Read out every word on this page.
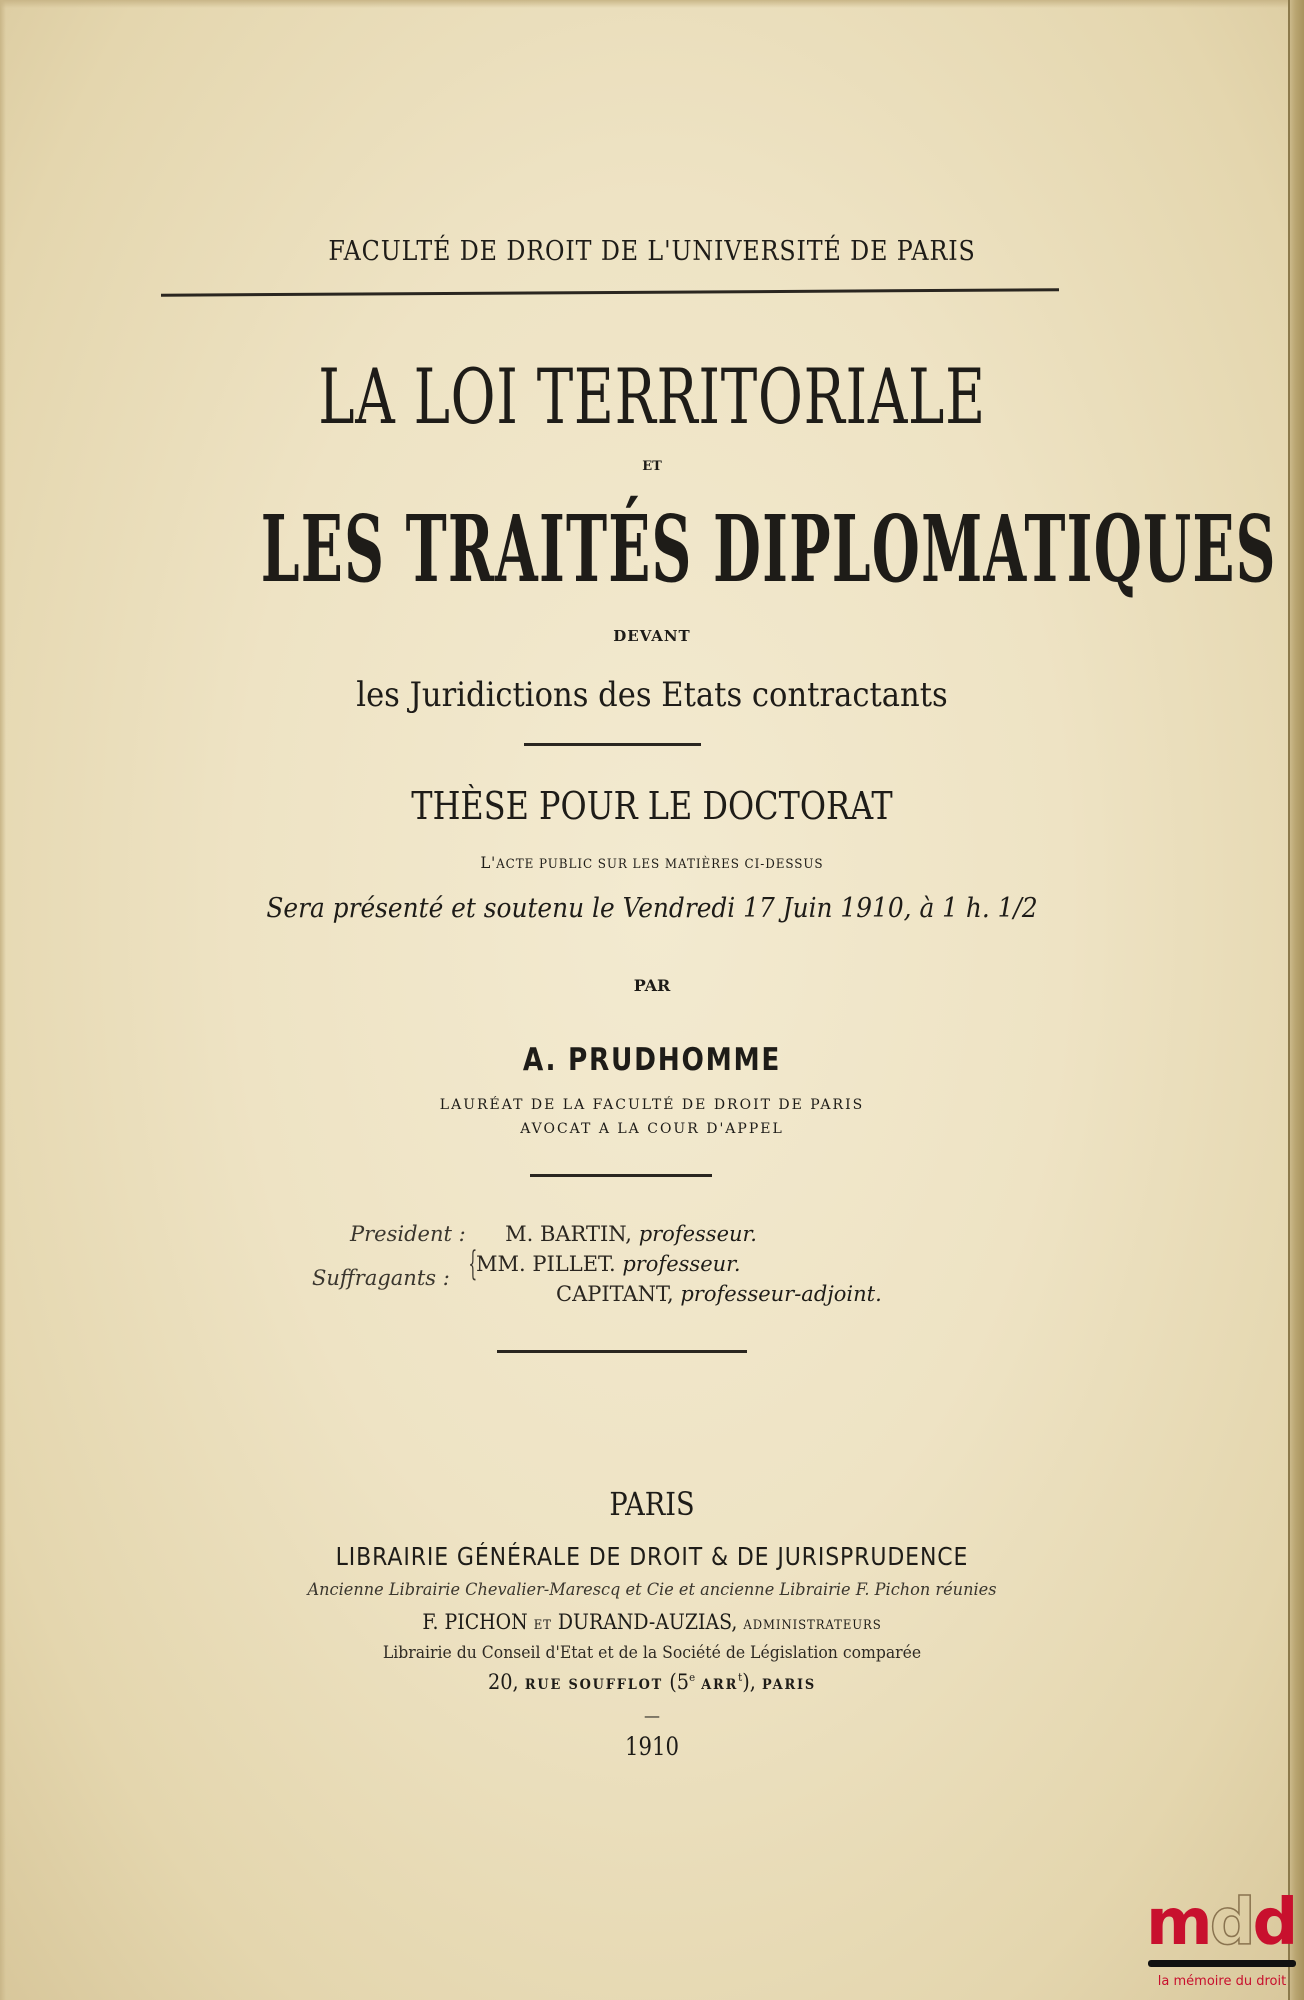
FACULTÉ DE DROIT DE L'UNIVERSITÉ DE PARIS
LA LOI TERRITORIALE
ET
LES TRAITÉS DIPLOMATIQUES
DEVANT
les Juridictions des Etats contractants
THÈSE POUR LE DOCTORAT
L'ACTE PUBLIC SUR LES MATIÈRES CI-DESSUS
Sera présenté et soutenu le Vendredi 17 Juin 1910, à 1 h. 1/2
PAR
A. PRUDHOMME
LAURÉAT DE LA FACULTÉ DE DROIT DE PARIS
AVOCAT A LA COUR D'APPEL
President : M. BARTIN, professeur.
Suffragants : {
MM. PILLET. professeur.
CAPITANT, professeur-adjoint.
PARIS
LIBRAIRIE GÉNÉRALE DE DROIT & DE JURISPRUDENCE
Ancienne Librairie Chevalier-Marescq et Cie et ancienne Librairie F. Pichon réunies
F. PICHON ET DURAND-AUZIAS, ADMINISTRATEURS
Librairie du Conseil d'Etat et de la Société de Législation comparée
20, RUE SOUFFLOT (5e ARR$^t$), PARIS
—
1910
mdd
la mémoire du droit
